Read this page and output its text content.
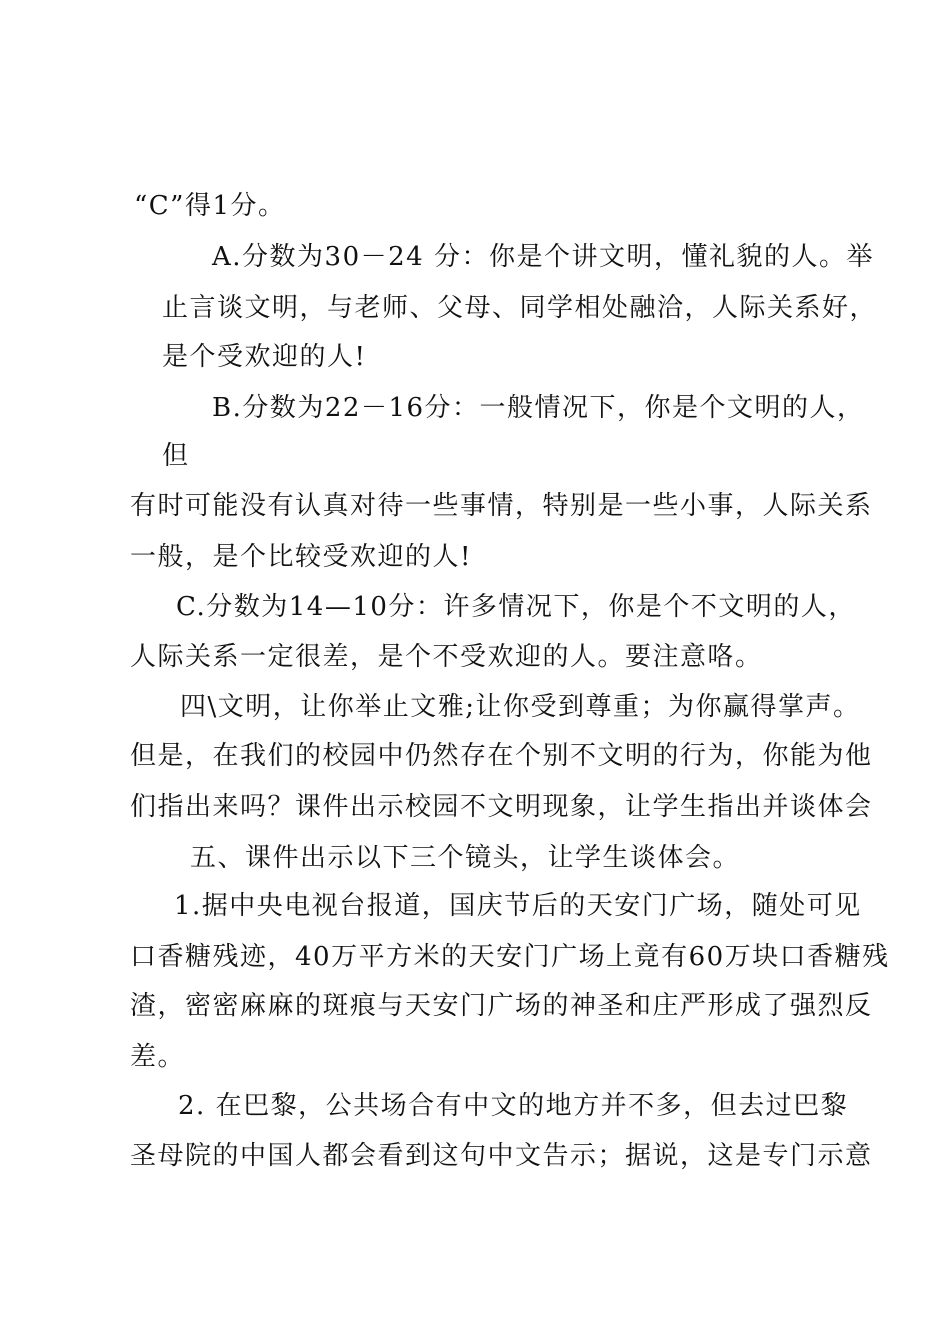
“C”得1分。
A.分数为30－24 分：你是个讲文明，懂礼貌的人。举
止言谈文明，与老师、父母、同学相处融洽，人际关系好，
是个受欢迎的人!
B.分数为22－16分：一般情况下，你是个文明的人，
但
有时可能没有认真对待一些事情，特别是一些小事，人际关系
一般，是个比较受欢迎的人!
C.分数为14—10分：许多情况下，你是个不文明的人，
人际关系一定很差，是个不受欢迎的人。要注意咯。
四\文明，让你举止文雅;让你受到尊重；为你赢得掌声。
但是，在我们的校园中仍然存在个别不文明的行为，你能为他
们指出来吗？课件出示校园不文明现象，让学生指出并谈体会
五、课件出示以下三个镜头，让学生谈体会。
1.据中央电视台报道，国庆节后的天安门广场，随处可见
口香糖残迹，40万平方米的天安门广场上竟有60万块口香糖残
渣，密密麻麻的斑痕与天安门广场的神圣和庄严形成了强烈反
差。
2. 在巴黎，公共场合有中文的地方并不多，但去过巴黎
圣母院的中国人都会看到这句中文告示；据说，这是专门示意
